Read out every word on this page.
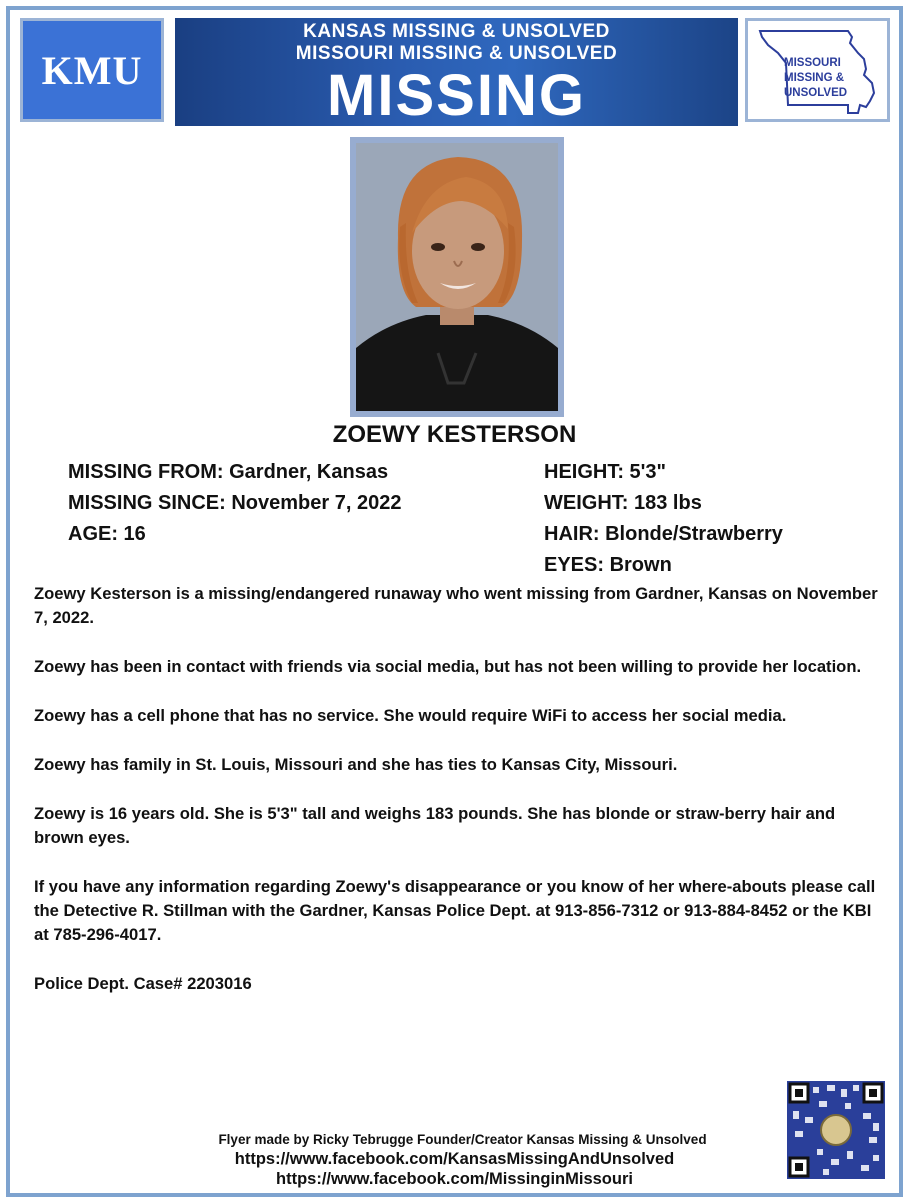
KMU
KANSAS MISSING & UNSOLVED
MISSOURI MISSING & UNSOLVED
MISSING	MISSOURI
MISSING &
UNSOLVED
ZOEWY KESTERSON
MISSING FROM: Gardner, Kansas
MISSING SINCE: November 7, 2022
AGE: 16
HEIGHT: 5'3"
WEIGHT: 183 lbs
HAIR: Blonde/Strawberry
EYES: Brown

Zoewy Kesterson is a missing/endangered runaway who went missing from Gardner, Kansas on November 7, 2022.

Zoewy has been in contact with friends via social media, but has not been willing to provide her location.

Zoewy has a cell phone that has no service. She would require WiFi to access her social media.

Zoewy has family in St. Louis, Missouri and she has ties to Kansas City, Missouri.

Zoewy is 16 years old. She is 5'3" tall and weighs 183 pounds. She has blonde or straw-berry hair and brown eyes.

If you have any information regarding Zoewy's disappearance or you know of her where-abouts please call the Detective R. Stillman with the Gardner, Kansas Police Dept. at 913-856-7312 or 913-884-8452 or the KBI at 785-296-4017.

Police Dept. Case# 2203016

Flyer made by Ricky Tebrugge Founder/Creator Kansas Missing & Unsolved
https://www.facebook.com/KansasMissingAndUnsolved
https://www.facebook.com/MissinginMissouri
